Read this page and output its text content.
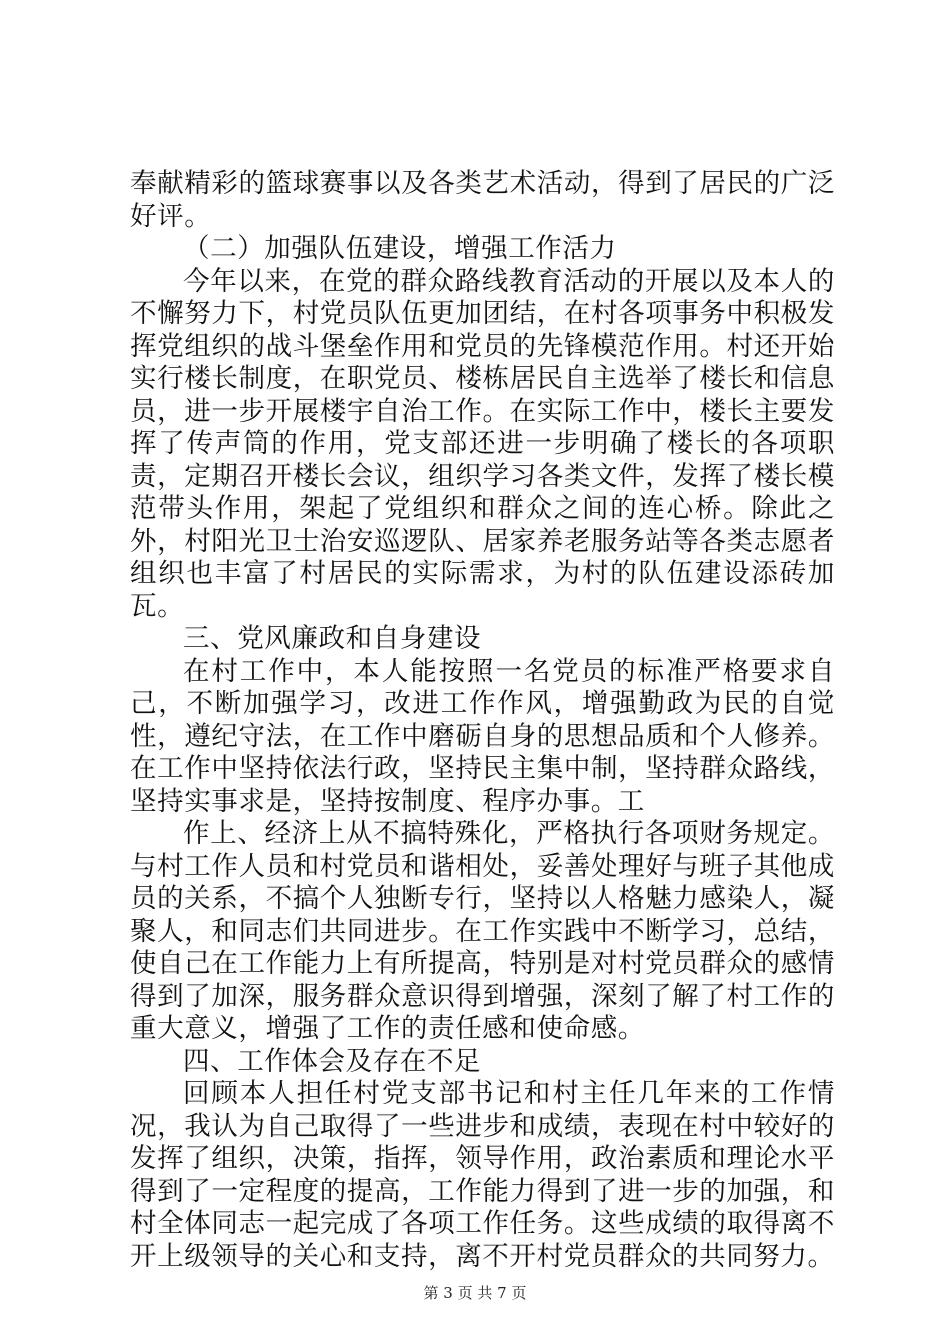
奉献精彩的篮球赛事以及各类艺术活动，得到了居民的广泛好评。

（二）加强队伍建设，增强工作活力

今年以来，在党的群众路线教育活动的开展以及本人的不懈努力下，村党员队伍更加团结，在村各项事务中积极发挥党组织的战斗堡垒作用和党员的先锋模范作用。村还开始实行楼长制度，在职党员、楼栋居民自主选举了楼长和信息员，进一步开展楼宇自治工作。在实际工作中，楼长主要发挥了传声筒的作用，党支部还进一步明确了楼长的各项职责，定期召开楼长会议，组织学习各类文件，发挥了楼长模范带头作用，架起了党组织和群众之间的连心桥。除此之外，村阳光卫士治安巡逻队、居家养老服务站等各类志愿者组织也丰富了村居民的实际需求，为村的队伍建设添砖加瓦。

三、党风廉政和自身建设

在村工作中，本人能按照一名党员的标准严格要求自己，不断加强学习，改进工作作风，增强勤政为民的自觉性，遵纪守法，在工作中磨砺自身的思想品质和个人修养。在工作中坚持依法行政，坚持民主集中制，坚持群众路线，坚持实事求是，坚持按制度、程序办事。工

作上、经济上从不搞特殊化，严格执行各项财务规定。与村工作人员和村党员和谐相处，妥善处理好与班子其他成员的关系，不搞个人独断专行，坚持以人格魅力感染人，凝聚人，和同志们共同进步。在工作实践中不断学习，总结，使自己在工作能力上有所提高，特别是对村党员群众的感情得到了加深，服务群众意识得到增强，深刻了解了村工作的重大意义，增强了工作的责任感和使命感。

四、工作体会及存在不足

回顾本人担任村党支部书记和村主任几年来的工作情况，我认为自己取得了一些进步和成绩，表现在村中较好的发挥了组织，决策，指挥，领导作用，政治素质和理论水平得到了一定程度的提高，工作能力得到了进一步的加强，和村全体同志一起完成了各项工作任务。这些成绩的取得离不开上级领导的关心和支持，离不开村党员群众的共同努力。

第 3 页 共 7 页
